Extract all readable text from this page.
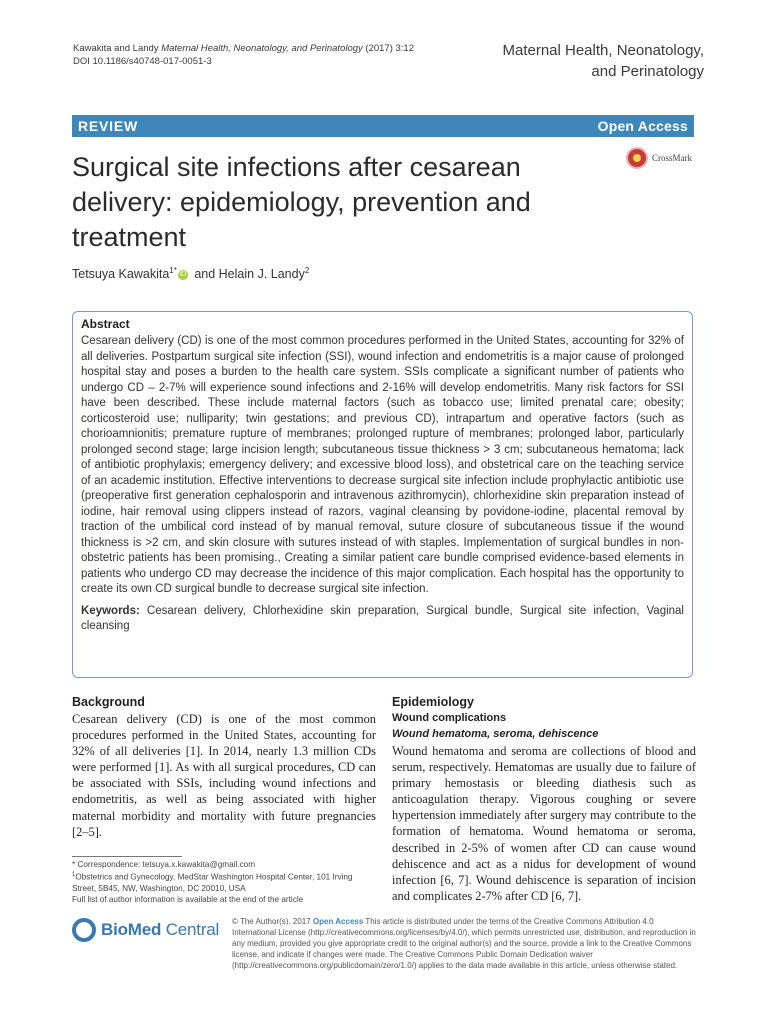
Kawakita and Landy Maternal Health, Neonatology, and Perinatology (2017) 3:12
DOI 10.1186/s40748-017-0051-3
Maternal Health, Neonatology,
and Perinatology
REVIEW	Open Access
Surgical site infections after cesarean delivery: epidemiology, prevention and treatment
CrossMark
Tetsuya Kawakita$^{1*}$ iD and Helain J. Landy$^2$
Abstract

Cesarean delivery (CD) is one of the most common procedures performed in the United States, accounting for 32% of all deliveries. Postpartum surgical site infection (SSI), wound infection and endometritis is a major cause of prolonged hospital stay and poses a burden to the health care system. SSIs complicate a significant number of patients who undergo CD – 2-7% will experience sound infections and 2-16% will develop endometritis. Many risk factors for SSI have been described. These include maternal factors (such as tobacco use; limited prenatal care; obesity; corticosteroid use; nulliparity; twin gestations; and previous CD), intrapartum and operative factors (such as chorioamnionitis; premature rupture of membranes; prolonged rupture of membranes; prolonged labor, particularly prolonged second stage; large incision length; subcutaneous tissue thickness > 3 cm; subcutaneous hematoma; lack of antibiotic prophylaxis; emergency delivery; and excessive blood loss), and obstetrical care on the teaching service of an academic institution. Effective interventions to decrease surgical site infection include prophylactic antibiotic use (preoperative first generation cephalosporin and intravenous azithromycin), chlorhexidine skin preparation instead of iodine, hair removal using clippers instead of razors, vaginal cleansing by povidone-iodine, placental removal by traction of the umbilical cord instead of by manual removal, suture closure of subcutaneous tissue if the wound thickness is >2 cm, and skin closure with sutures instead of with staples. Implementation of surgical bundles in non-obstetric patients has been promising., Creating a similar patient care bundle comprised evidence-based elements in patients who undergo CD may decrease the incidence of this major complication. Each hospital has the opportunity to create its own CD surgical bundle to decrease surgical site infection.

Keywords: Cesarean delivery, Chlorhexidine skin preparation, Surgical bundle, Surgical site infection, Vaginal cleansing

Background

Cesarean delivery (CD) is one of the most common procedures performed in the United States, accounting for 32% of all deliveries [1]. In 2014, nearly 1.3 million CDs were performed [1]. As with all surgical procedures, CD can be associated with SSIs, including wound infections and endometritis, as well as being associated with higher maternal morbidity and mortality with future pregnancies [2–5].

Epidemiology
Wound complications
Wound hematoma, seroma, dehiscence

Wound hematoma and seroma are collections of blood and serum, respectively. Hematomas are usually due to failure of primary hemostasis or bleeding diathesis such as anticoagulation therapy. Vigorous coughing or severe hypertension immediately after surgery may contribute to the formation of hematoma. Wound hematoma or seroma, described in 2-5% of women after CD can cause wound dehiscence and act as a nidus for development of wound infection [6, 7]. Wound dehiscence is separation of incision and complicates 2-7% after CD [6, 7].

* Correspondence: tetsuya.x.kawakita@gmail.com

$^1$Obstetrics and Gynecology, MedStar Washington Hospital Center, 101 Irving Street, 5B45, NW, Washington, DC 20010, USA

Full list of author information is available at the end of the article

BioMed Central © The Author(s). 2017 Open Access This article is distributed under the terms of the Creative Commons Attribution 4.0 International License (http://creativecommons.org/licenses/by/4.0/), which permits unrestricted use, distribution, and reproduction in any medium, provided you give appropriate credit to the original author(s) and the source, provide a link to the Creative Commons license, and indicate if changes were made. The Creative Commons Public Domain Dedication waiver (http://creativecommons.org/publicdomain/zero/1.0/) applies to the data made available in this article, unless otherwise stated.
